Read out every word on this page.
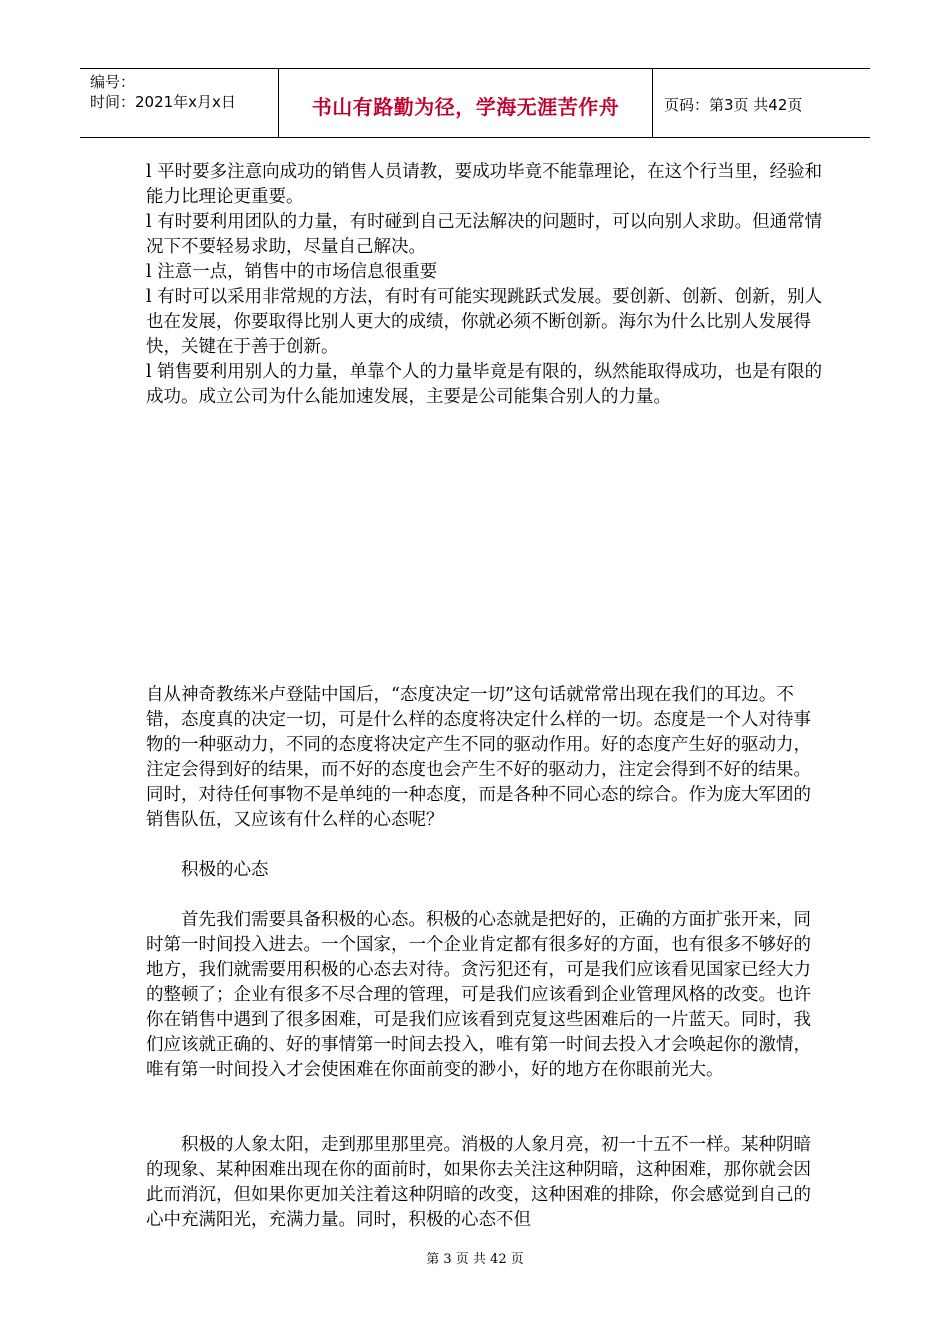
编号：
时间：2021年x月x日	书山有路勤为径，学海无涯苦作舟	页码：第3页 共42页

l 平时要多注意向成功的销售人员请教，要成功毕竟不能靠理论，在这个行当里，经验和能力比理论更重要。

l 有时要利用团队的力量，有时碰到自己无法解决的问题时，可以向别人求助。但通常情况下不要轻易求助，尽量自己解决。

l 注意一点，销售中的市场信息很重要

l 有时可以采用非常规的方法，有时有可能实现跳跃式发展。要创新、创新、创新，别人也在发展，你要取得比别人更大的成绩，你就必须不断创新。海尔为什么比别人发展得快，关键在于善于创新。

l 销售要利用别人的力量，单靠个人的力量毕竟是有限的，纵然能取得成功，也是有限的成功。成立公司为什么能加速发展，主要是公司能集合别人的力量。

自从神奇教练米卢登陆中国后，“态度决定一切”这句话就常常出现在我们的耳边。不错，态度真的决定一切，可是什么样的态度将决定什么样的一切。态度是一个人对待事物的一种驱动力，不同的态度将决定产生不同的驱动作用。好的态度产生好的驱动力，注定会得到好的结果，而不好的态度也会产生不好的驱动力，注定会得到不好的结果。同时，对待任何事物不是单纯的一种态度，而是各种不同心态的综合。作为庞大军团的销售队伍，又应该有什么样的心态呢？

积极的心态

首先我们需要具备积极的心态。积极的心态就是把好的，正确的方面扩张开来，同时第一时间投入进去。一个国家，一个企业肯定都有很多好的方面，也有很多不够好的地方，我们就需要用积极的心态去对待。贪污犯还有，可是我们应该看见国家已经大力的整顿了；企业有很多不尽合理的管理，可是我们应该看到企业管理风格的改变。也许你在销售中遇到了很多困难，可是我们应该看到克复这些困难后的一片蓝天。同时，我们应该就正确的、好的事情第一时间去投入，唯有第一时间去投入才会唤起你的激情，唯有第一时间投入才会使困难在你面前变的渺小，好的地方在你眼前光大。

积极的人象太阳，走到那里那里亮。消极的人象月亮，初一十五不一样。某种阴暗的现象、某种困难出现在你的面前时，如果你去关注这种阴暗，这种困难，那你就会因此而消沉，但如果你更加关注着这种阴暗的改变，这种困难的排除，你会感觉到自己的心中充满阳光，充满力量。同时，积极的心态不但

第 3 页 共 42 页
